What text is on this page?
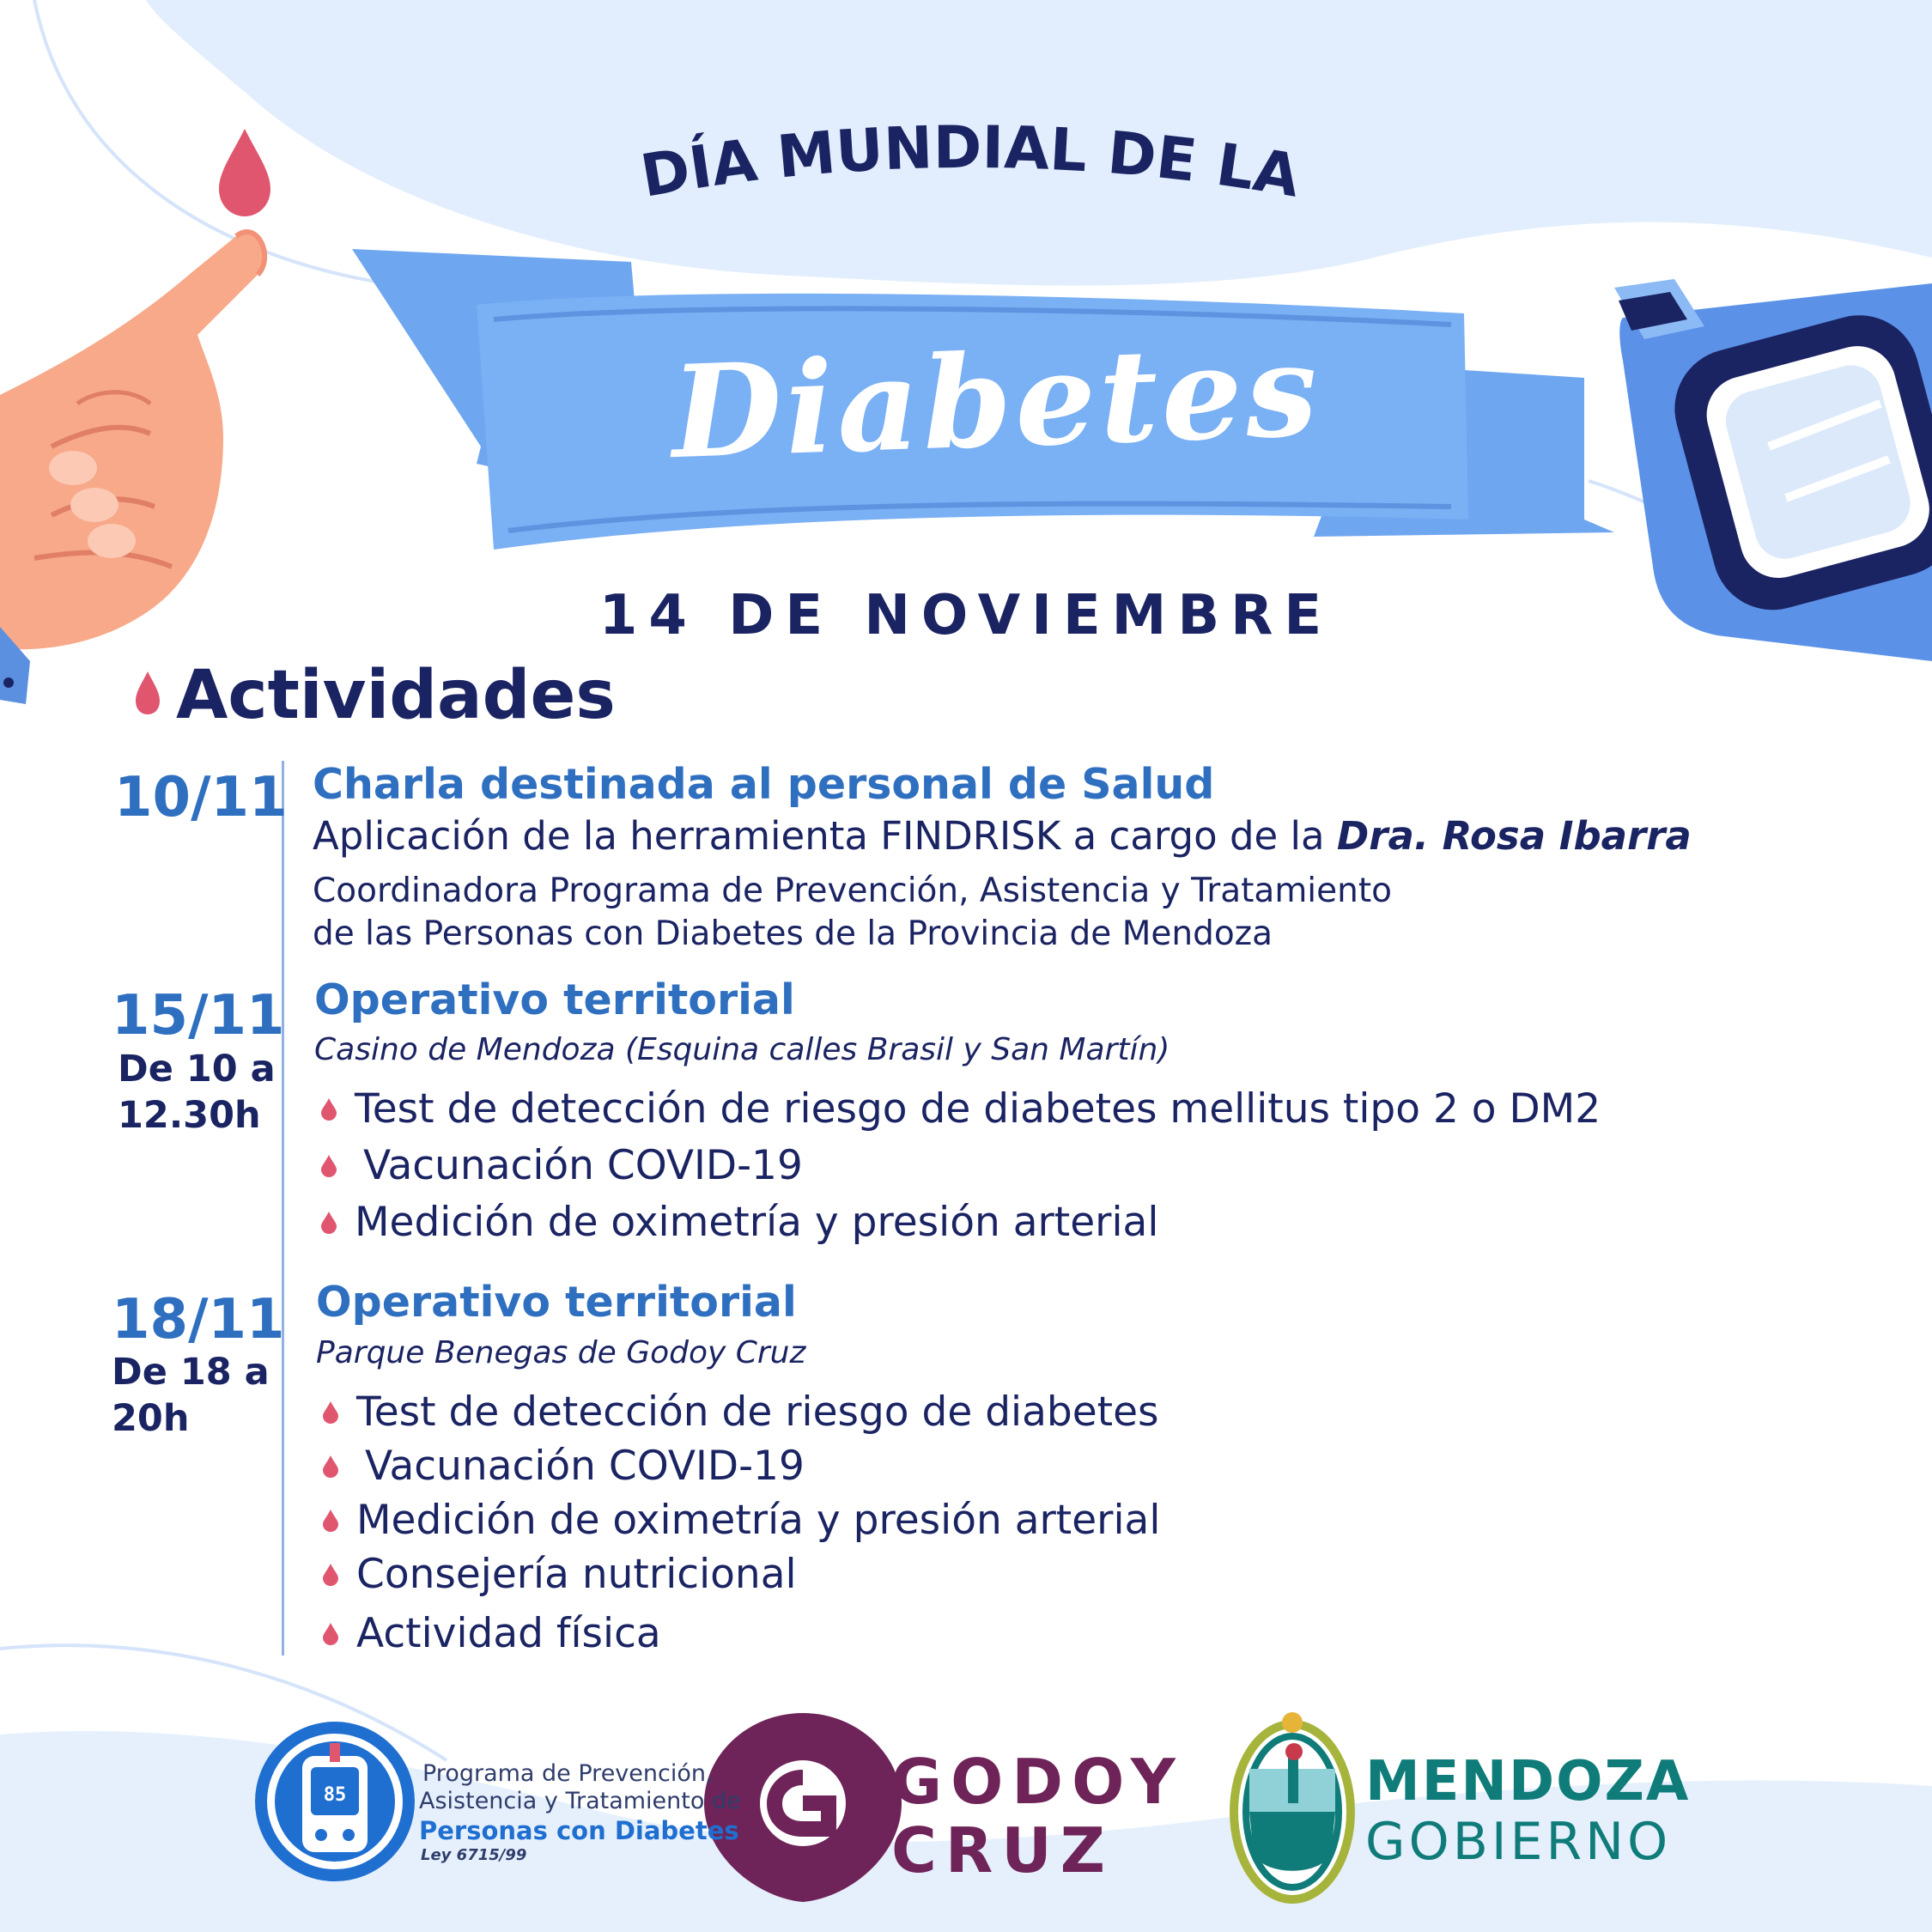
DÍA MUNDIAL DE LA
Diabetes
14 DE NOVIEMBRE
Actividades
10/11 Charla destinada al personal de Salud
Aplicación de la herramienta FINDRISK a cargo de la Dra. Rosa Ibarra
Coordinadora Programa de Prevención, Asistencia y Tratamiento
de las Personas con Diabetes de la Provincia de Mendoza
15/11
De 10 a
12.30h
Operativo territorial
Casino de Mendoza (Esquina calles Brasil y San Martín)
Test de detección de riesgo de diabetes mellitus tipo 2 o DM2
Vacunación COVID-19
Medición de oximetría y presión arterial
18/11
De 18 a
20h
Operativo territorial
Parque Benegas de Godoy Cruz
Test de detección de riesgo de diabetes
Vacunación COVID-19
Medición de oximetría y presión arterial
Consejería nutricional
Actividad física
85
Programa de Prevención,
Asistencia y Tratamiento de
Personas con Diabetes
Ley 6715/99
GODOY
CRUZ
MENDOZA
GOBIERNO
